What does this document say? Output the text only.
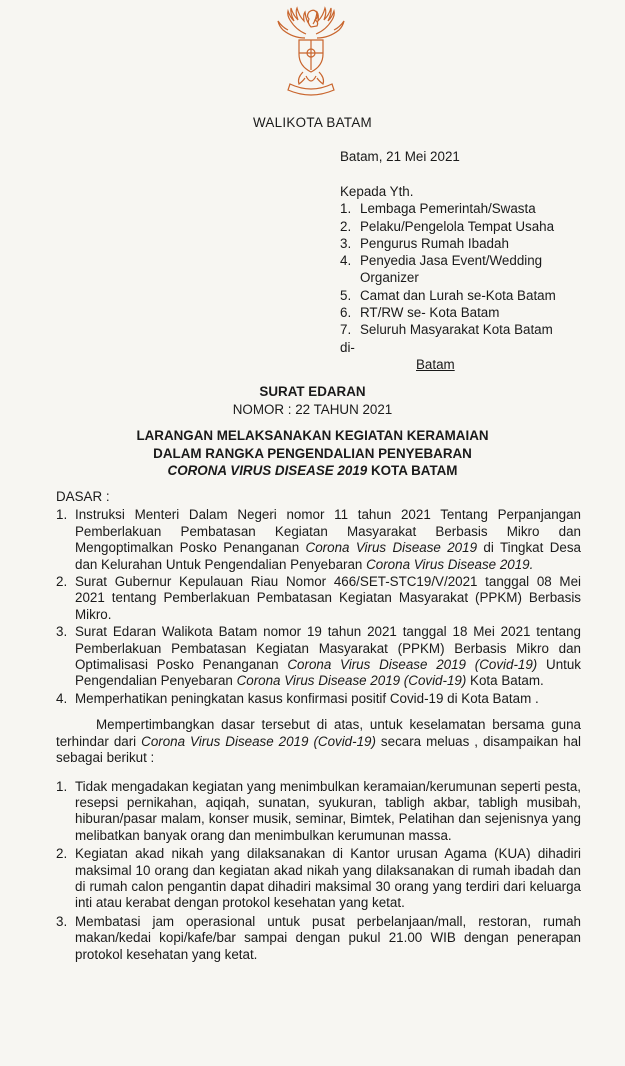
WALIKOTA BATAM
Batam, 21 Mei 2021
Kepada Yth.
1. Lembaga Pemerintah/Swasta
2. Pelaku/Pengelola Tempat Usaha
3. Pengurus Rumah Ibadah
4. Penyedia Jasa Event/Wedding Organizer
5. Camat dan Lurah se-Kota Batam
6. RT/RW se- Kota Batam
7. Seluruh Masyarakat Kota Batam
di-
Batam
SURAT EDARAN
NOMOR : 22 TAHUN 2021
LARANGAN MELAKSANAKAN KEGIATAN KERAMAIAN
DALAM RANGKA PENGENDALIAN PENYEBARAN
CORONA VIRUS DISEASE 2019 KOTA BATAM
DASAR :
1. Instruksi Menteri Dalam Negeri nomor 11 tahun 2021 Tentang Perpanjangan Pemberlakuan Pembatasan Kegiatan Masyarakat Berbasis Mikro dan Mengoptimalkan Posko Penanganan Corona Virus Disease 2019 di Tingkat Desa dan Kelurahan Untuk Pengendalian Penyebaran Corona Virus Disease 2019.
2. Surat Gubernur Kepulauan Riau Nomor 466/SET-STC19/V/2021 tanggal 08 Mei 2021 tentang Pemberlakuan Pembatasan Kegiatan Masyarakat (PPKM) Berbasis Mikro.
3. Surat Edaran Walikota Batam nomor 19 tahun 2021 tanggal 18 Mei 2021 tentang Pemberlakuan Pembatasan Kegiatan Masyarakat (PPKM) Berbasis Mikro dan Optimalisasi Posko Penanganan Corona Virus Disease 2019 (Covid-19) Untuk Pengendalian Penyebaran Corona Virus Disease 2019 (Covid-19) Kota Batam.
4. Memperhatikan peningkatan kasus konfirmasi positif Covid-19 di Kota Batam .
Mempertimbangkan dasar tersebut di atas, untuk keselamatan bersama guna terhindar dari Corona Virus Disease 2019 (Covid-19) secara meluas , disampaikan hal sebagai berikut :
1. Tidak mengadakan kegiatan yang menimbulkan keramaian/kerumunan seperti pesta, resepsi pernikahan, aqiqah, sunatan, syukuran, tabligh akbar, tabligh musibah, hiburan/pasar malam, konser musik, seminar, Bimtek, Pelatihan dan sejenisnya yang melibatkan banyak orang dan menimbulkan kerumunan massa.
2. Kegiatan akad nikah yang dilaksanakan di Kantor urusan Agama (KUA) dihadiri maksimal 10 orang dan kegiatan akad nikah yang dilaksanakan di rumah ibadah dan di rumah calon pengantin dapat dihadiri maksimal 30 orang yang terdiri dari keluarga inti atau kerabat dengan protokol kesehatan yang ketat.
3. Membatasi jam operasional untuk pusat perbelanjaan/mall, restoran, rumah makan/kedai kopi/kafe/bar sampai dengan pukul 21.00 WIB dengan penerapan protokol kesehatan yang ketat.
